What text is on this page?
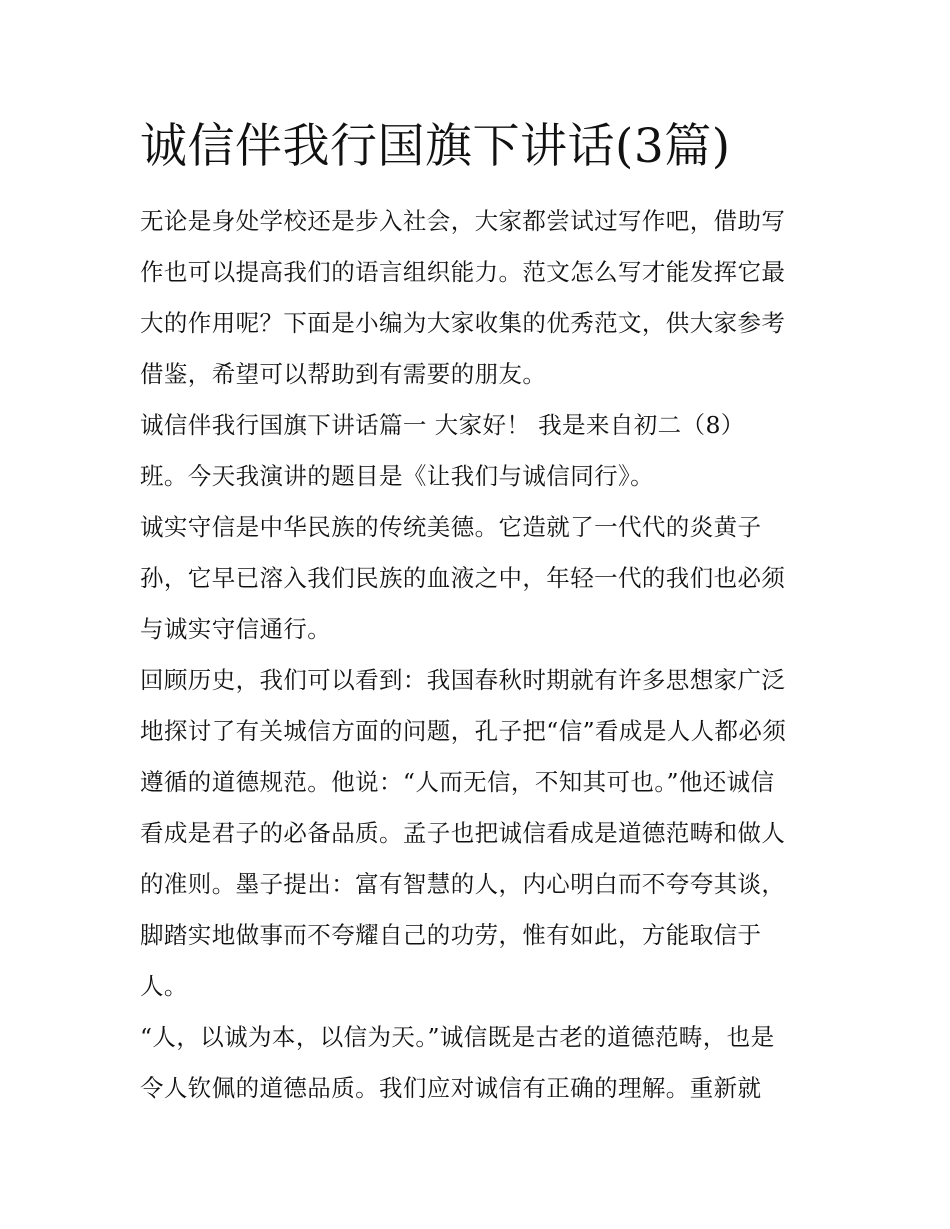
诚信伴我行国旗下讲话(3篇)
无论是身处学校还是步入社会，大家都尝试过写作吧，借助写
作也可以提高我们的语言组织能力。范文怎么写才能发挥它最
大的作用呢？下面是小编为大家收集的优秀范文，供大家参考
借鉴，希望可以帮助到有需要的朋友。
诚信伴我行国旗下讲话篇一 大家好！ 我是来自初二（8）
班。今天我演讲的题目是《让我们与诚信同行》。
诚实守信是中华民族的传统美德。它造就了一代代的炎黄子
孙，它早已溶入我们民族的血液之中，年轻一代的我们也必须
与诚实守信通行。
回顾历史，我们可以看到：我国春秋时期就有许多思想家广泛
地探讨了有关城信方面的问题，孔子把“信”看成是人人都必须
遵循的道德规范。他说：“人而无信，不知其可也。”他还诚信
看成是君子的必备品质。孟子也把诚信看成是道德范畴和做人
的准则。墨子提出：富有智慧的人，内心明白而不夸夸其谈，
脚踏实地做事而不夸耀自己的功劳，惟有如此，方能取信于
人。
“人，以诚为本，以信为天。”诚信既是古老的道德范畴，也是
令人钦佩的道德品质。我们应对诚信有正确的理解。重新就
